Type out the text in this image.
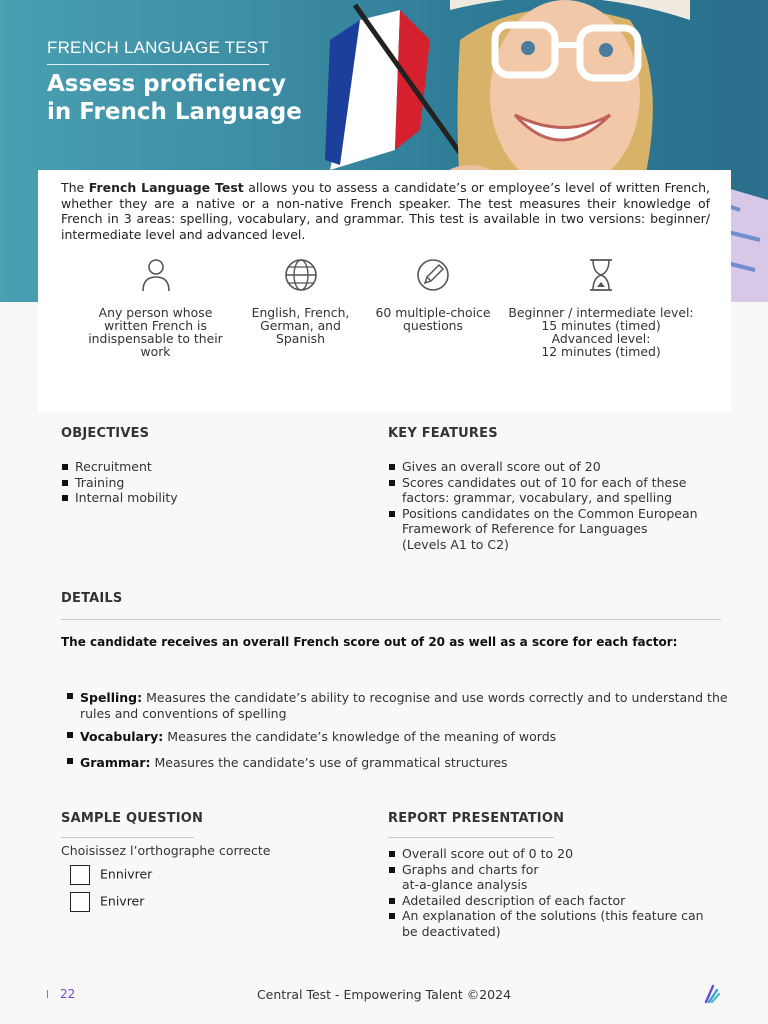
FRENCH LANGUAGE TEST
Assess proficiency
in French Language

The French Language Test allows you to assess a candidate’s or employee’s level of written French, whether they are a native or a non-native French speaker. The test measures their knowledge of French in 3 areas: spelling, vocabulary, and grammar. This test is available in two versions: beginner/ intermediate level and advanced level.

Any person whose
written French is
indispensable to their
work
English, French,
German, and
Spanish
60 multiple-choice
questions
Beginner / intermediate level:
15 minutes (timed)
Advanced level:
12 minutes (timed)
OBJECTIVES
Recruitment
Training
Internal mobility
KEY FEATURES
Gives an overall score out of 20
Scores candidates out of 10 for each of these
factors: grammar, vocabulary, and spelling
Positions candidates on the Common European
Framework of Reference for Languages
(Levels A1 to C2)
DETAILS
The candidate receives an overall French score out of 20 as well as a score for each factor:
Spelling: Measures the candidate’s ability to recognise and use words correctly and to understand the rules and conventions of spelling
Vocabulary: Measures the candidate’s knowledge of the meaning of words
Grammar: Measures the candidate’s use of grammatical structures
SAMPLE QUESTION
Choisissez l’orthographe correcte
Ennivrer
Enivrer
REPORT PRESENTATION
Overall score out of 0 to 20
Graphs and charts for
at-a-glance analysis
Adetailed description of each factor
An explanation of the solutions (this feature can
be deactivated)
22	Central Test - Empowering Talent ©2024
